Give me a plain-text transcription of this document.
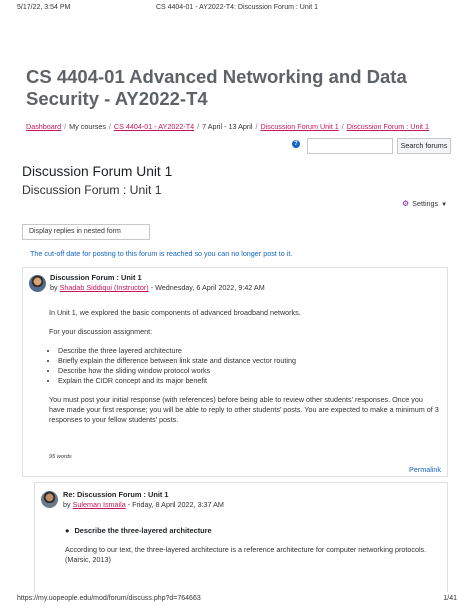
5/17/22, 3:54 PM	CS 4404-01 - AY2022-T4: Discussion Forum : Unit 1
CS 4404-01 Advanced Networking and Data Security - AY2022-T4
Dashboard / My courses / CS 4404-01 - AY2022-T4 / 7 April - 13 April / Discussion Forum Unit 1 / Discussion Forum : Unit 1
?	Search forums
Discussion Forum Unit 1
Discussion Forum : Unit 1
⚙ Settings ▼
Display replies in nested form
The cut-off date for posting to this forum is reached so you can no longer post to it.
Discussion Forum : Unit 1
by Shadab Siddiqui (Instructor) - Wednesday, 6 April 2022, 9:42 AM

In Unit 1, we explored the basic components of advanced broadband networks.

For your discussion assignment:

• Describe the three layered architecture
• Briefly explain the difference between link state and distance vector routing
• Describe how the sliding window protocol works
• Explain the CIDR concept and its major benefit

You must post your initial response (with references) before being able to review other students' responses. Once you have made your first response; you will be able to reply to other students' posts. You are expected to make a minimum of 3 responses to your fellow students' posts.

95 words
Permalink
Re: Discussion Forum : Unit 1
by Suleman Ismaila - Friday, 8 April 2022, 3:37 AM
● Describe the three-layered architecture
According to our text, the three-layered architecture is a reference architecture for computer networking protocols. (Marsic, 2013)
https://my.uopeople.edu/mod/forum/discuss.php?d=764663	1/41
